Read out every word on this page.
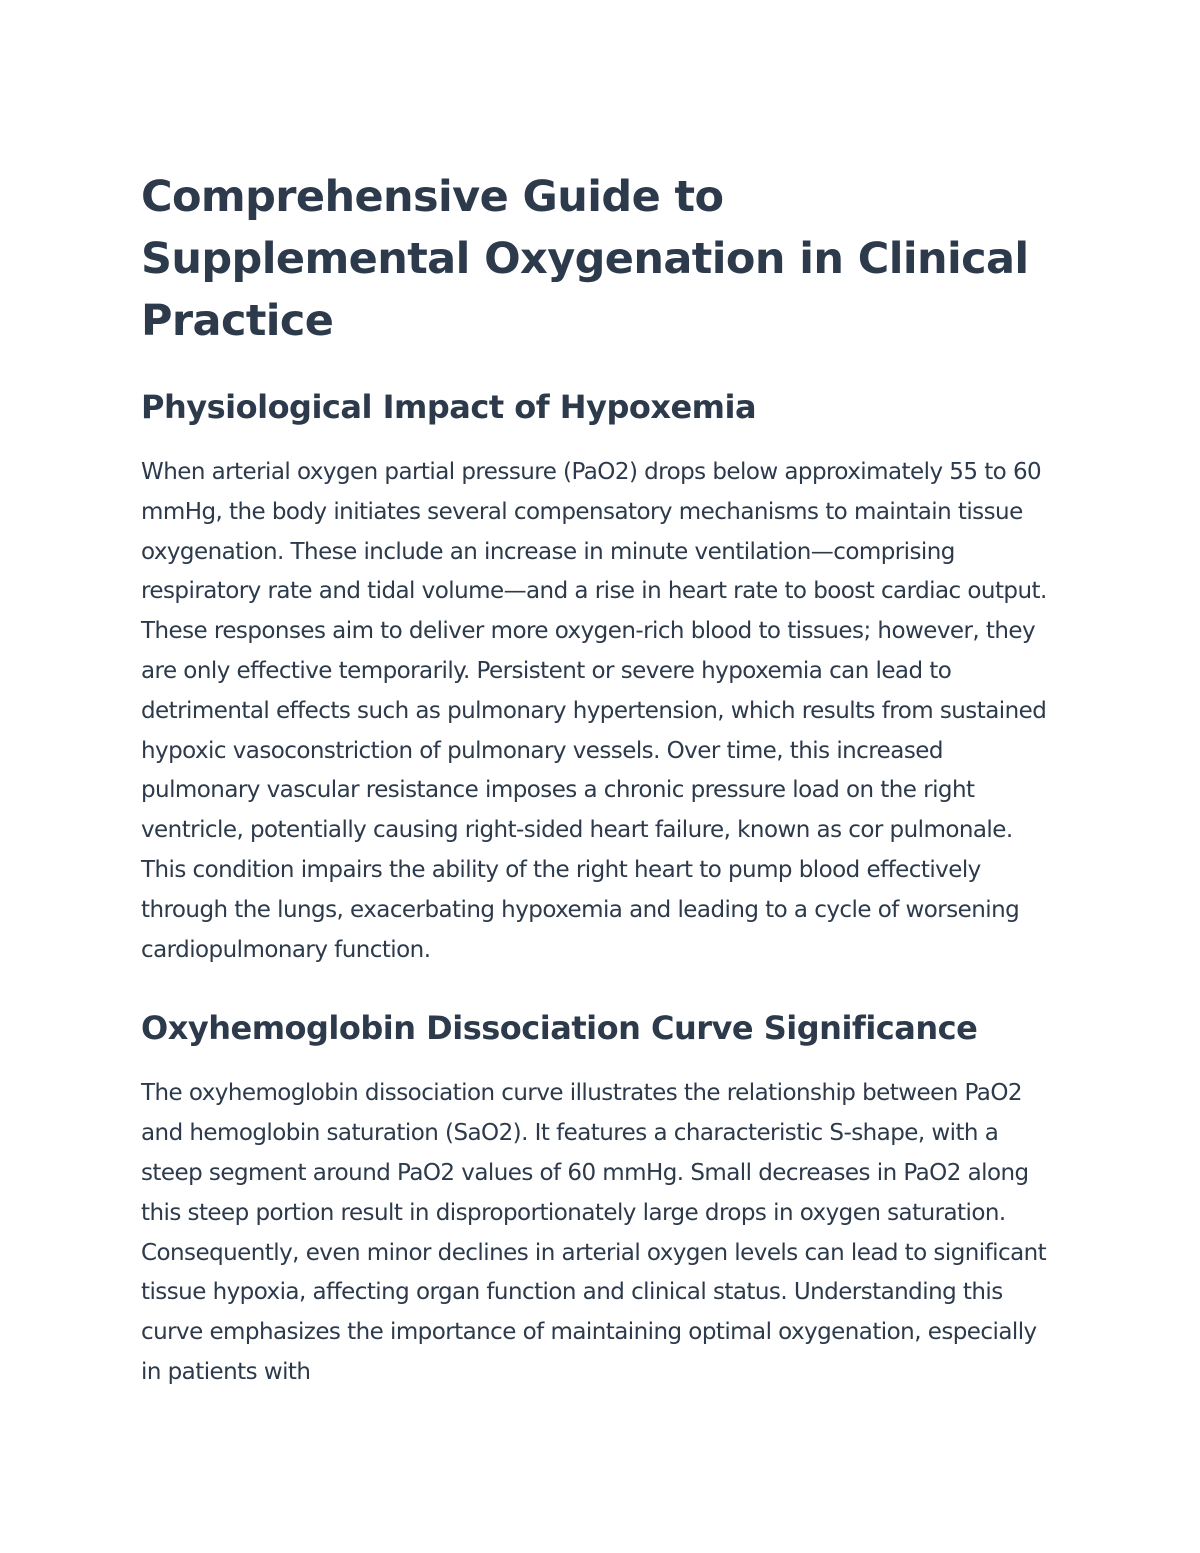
Comprehensive Guide to Supplemental Oxygenation in Clinical Practice
Physiological Impact of Hypoxemia

When arterial oxygen partial pressure (PaO2) drops below approximately 55 to 60 mmHg, the body initiates several compensatory mechanisms to maintain tissue oxygenation. These include an increase in minute ventilation—comprising respiratory rate and tidal volume—and a rise in heart rate to boost cardiac output. These responses aim to deliver more oxygen-rich blood to tissues; however, they are only effective temporarily. Persistent or severe hypoxemia can lead to detrimental effects such as pulmonary hypertension, which results from sustained hypoxic vasoconstriction of pulmonary vessels. Over time, this increased pulmonary vascular resistance imposes a chronic pressure load on the right ventricle, potentially causing right-sided heart failure, known as cor pulmonale. This condition impairs the ability of the right heart to pump blood effectively through the lungs, exacerbating hypoxemia and leading to a cycle of worsening cardiopulmonary function.

Oxyhemoglobin Dissociation Curve Significance

The oxyhemoglobin dissociation curve illustrates the relationship between PaO2 and hemoglobin saturation (SaO2). It features a characteristic S-shape, with a steep segment around PaO2 values of 60 mmHg. Small decreases in PaO2 along this steep portion result in disproportionately large drops in oxygen saturation. Consequently, even minor declines in arterial oxygen levels can lead to significant tissue hypoxia, affecting organ function and clinical status. Understanding this curve emphasizes the importance of maintaining optimal oxygenation, especially in patients with
